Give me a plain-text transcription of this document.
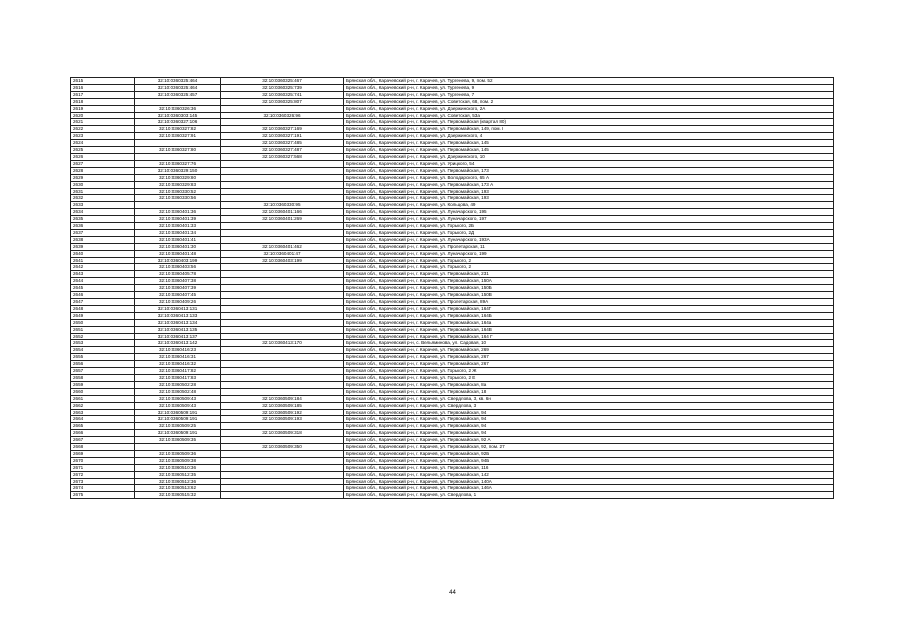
2615	32:10:0360325:464	32:10:0360325:467	Брянская обл., Карачевский р-н, г. Карачев, ул. Тургенева, 9, пом. 52
2616	32:10:0360325:464	32:10:0360325:739	Брянская обл., Карачевский р-н, г. Карачев, ул. Тургенева, 9
2617	32:10:0360325:457	32:10:0360325:741	Брянская обл., Карачевский р-н, г. Карачев, ул. Тургенева, 7
2618		32:10:0360325:807	Брянская обл., Карачевский р-н, г. Карачев, ул. Советская, 68, пом. 2
2619	32:10:0360326:36		Брянская обл., Карачевский р-н, г. Карачев, ул. Дзержинского, 2А
2620	32:10:0360303:145	32:10:0360326:96	Брянская обл., Карачевский р-н, г. Карачев, ул. Советская, 53а
2621	32:10:0360327:106		Брянская обл., Карачевский р-н, г. Карачев, ул. Первомайская (квартал 80)
2622	32:10:0360327:82	32:10:0360327:169	Брянская обл., Карачевский р-н, г. Карачев, ул. Первомайская, 149, пом. I
2623	32:10:0360327:91	32:10:0360327:191	Брянская обл., Карачевский р-н, г. Карачев, ул. Дзержинского, 4
2624		32:10:0360327:485	Брянская обл., Карачевский р-н, г. Карачев, ул. Первомайская, 145
2625	32:10:0360327:80	32:10:0360327:487	Брянская обл., Карачевский р-н, г. Карачев, ул. Первомайская, 145
2626		32:10:0360327:568	Брянская обл., Карачевский р-н, г. Карачев, ул. Дзержинского, 10
2627	32:10:0360327:76		Брянская обл., Карачевский р-н, г. Карачев, ул. Урицкого, 54
2628	32:10:0360329:150		Брянская обл., Карачевский р-н, г. Карачев, ул. Первомайская, 173
2629	32:10:0360329:80		Брянская обл., Карачевский р-н, г. Карачев, ул. Володарского, 65 А
2630	32:10:0360329:83		Брянская обл., Карачевский р-н, г. Карачев, ул. Первомайская, 173 А
2631	32:10:0360330:52		Брянская обл., Карачевский р-н, г. Карачев, ул. Первомайская, 193
2632	32:10:0360330:56		Брянская обл., Карачевский р-н, г. Карачев, ул. Первомайская, 193
2633		32:10:0360330:95	Брянская обл., Карачевский р-н, г. Карачев, ул. Кольцова, 49
2634	32:10:0360401:36	32:10:0360401:166	Брянская обл., Карачевский р-н, г. Карачев, ул. Луначарского, 195
2635	32:10:0360401:39	32:10:0360401:269	Брянская обл., Карачевский р-н, г. Карачев, ул. Луначарского, 197
2636	32:10:0360401:33		Брянская обл., Карачевский р-н, г. Карачев, ул. Горького, 2Б
2637	32:10:0360401:34		Брянская обл., Карачевский р-н, г. Карачев, ул. Горького, 2Д
2638	32:10:0360401:41		Брянская обл., Карачевский р-н, г. Карачев, ул. Луначарского, 193А
2639	32:10:0360401:30	32:10:0360401:462	Брянская обл., Карачевский р-н, г. Карачев, ул. Пролетарская, 11
2640	32:10:0360401:48	32:10:0360401:47	Брянская обл., Карачевский р-н, г. Карачев, ул. Луначарского, 199
2641	32:10:0360403:199	32:10:0360403:199	Брянская обл., Карачевский р-н, г. Карачев, ул. Горького, 2
2642	32:10:0360403:56		Брянская обл., Карачевский р-н, г. Карачев, ул. Горького, 2
2643	32:10:0360405:78		Брянская обл., Карачевский р-н, г. Карачев, ул. Первомайская, 231
2644	32:10:0360407:38		Брянская обл., Карачевский р-н, г. Карачев, ул. Первомайская, 150А
2645	32:10:0360407:39		Брянская обл., Карачевский р-н, г. Карачев, ул. Первомайская, 150Б
2646	32:10:0360407:45		Брянская обл., Карачевский р-н, г. Карачев, ул. Первомайская, 150В
2647	32:10:0360409:26		Брянская обл., Карачевский р-н, г. Карачев, ул. Пролетарская, 89А
2648	32:10:0360413:131		Брянская обл., Карачевский р-н, г. Карачев, ул. Первомайская, 164Г
2649	32:10:0360413:133		Брянская обл., Карачевский р-н, г. Карачев, ул. Первомайская, 164Б
2650	32:10:0360413:134		Брянская обл., Карачевский р-н, г. Карачев, ул. Первомайская, 164а
2651	32:10:0360413:135		Брянская обл., Карачевский р-н, г. Карачев, ул. Первомайская, 164В
2652	32:10:0360413:137		Брянская обл., Карачевский р-н, г. Карачев, ул. Первомайская, 164 Г
2653	32:10:0360413:142	32:10:0360413:170	Брянская обл., Карачевский р-н, с. Вельяминова, ул. Садовая, 10
2654	32:10:0360416:23		Брянская обл., Карачевский р-н, г. Карачев, ул. Первомайская, 269
2655	32:10:0360416:31		Брянская обл., Карачевский р-н, г. Карачев, ул. Первомайская, 267
2656	32:10:0360416:32		Брянская обл., Карачевский р-н, г. Карачев, ул. Первомайская, 267
2657	32:10:0360417:82		Брянская обл., Карачевский р-н, г. Карачев, ул. Горького, 2 Ж
2658	32:10:0360417:83		Брянская обл., Карачевский р-н, г. Карачев, ул. Горького, 2 Е
2659	32:10:0360502:28		Брянская обл., Карачевский р-н, г. Карачев, ул. Первомайская, 8а
2660	32:10:0360502:48		Брянская обл., Карачевский р-н, г. Карачев, ул. Первомайская, 18
2661	32:10:0360509:43	32:10:0360509:184	Брянская обл., Карачевский р-н, г. Карачев, ул. Свердлова, 3, кв. 6н
2662	32:10:0360509:43	32:10:0360509:185	Брянская обл., Карачевский р-н, г. Карачев, ул. Свердлова, 3
2663	32:10:0360509:191	32:10:0360509:192	Брянская обл., Карачевский р-н, г. Карачев, ул. Первомайская, 94
2664	32:10:0360509:191	32:10:0360509:193	Брянская обл., Карачевский р-н, г. Карачев, ул. Первомайская, 94
2665	32:10:0360509:25		Брянская обл., Карачевский р-н, г. Карачев, ул. Первомайская, 94
2666	32:10:0360509:191	32:10:0360509:318	Брянская обл., Карачевский р-н, г. Карачев, ул. Первомайская, 94
2667	32:10:0360509:35		Брянская обл., Карачевский р-н, г. Карачев, ул. Первомайская, 92 А
2668		32:10:0360509:350	Брянская обл., Карачевский р-н, г. Карачев, ул. Первомайская, 92, пом. 27
2669	32:10:0360509:36		Брянская обл., Карачевский р-н, г. Карачев, ул. Первомайская, 92Б
2670	32:10:0360509:38		Брянская обл., Карачевский р-н, г. Карачев, ул. Первомайская, 94Б
2671	32:10:0360510:36		Брянская обл., Карачевский р-н, г. Карачев, ул. Первомайская, 116
2672	32:10:0360512:35		Брянская обл., Карачевский р-н, г. Карачев, ул. Первомайская, 142
2673	32:10:0360512:36		Брянская обл., Карачевский р-н, г. Карачев, ул. Первомайская, 140А
2674	32:10:0360513:62		Брянская обл., Карачевский р-н, г. Карачев, ул. Первомайская, 146А
2675	32:10:0360515:32		Брянская обл., Карачевский р-н, г. Карачев, ул. Свердлова, 1
44
